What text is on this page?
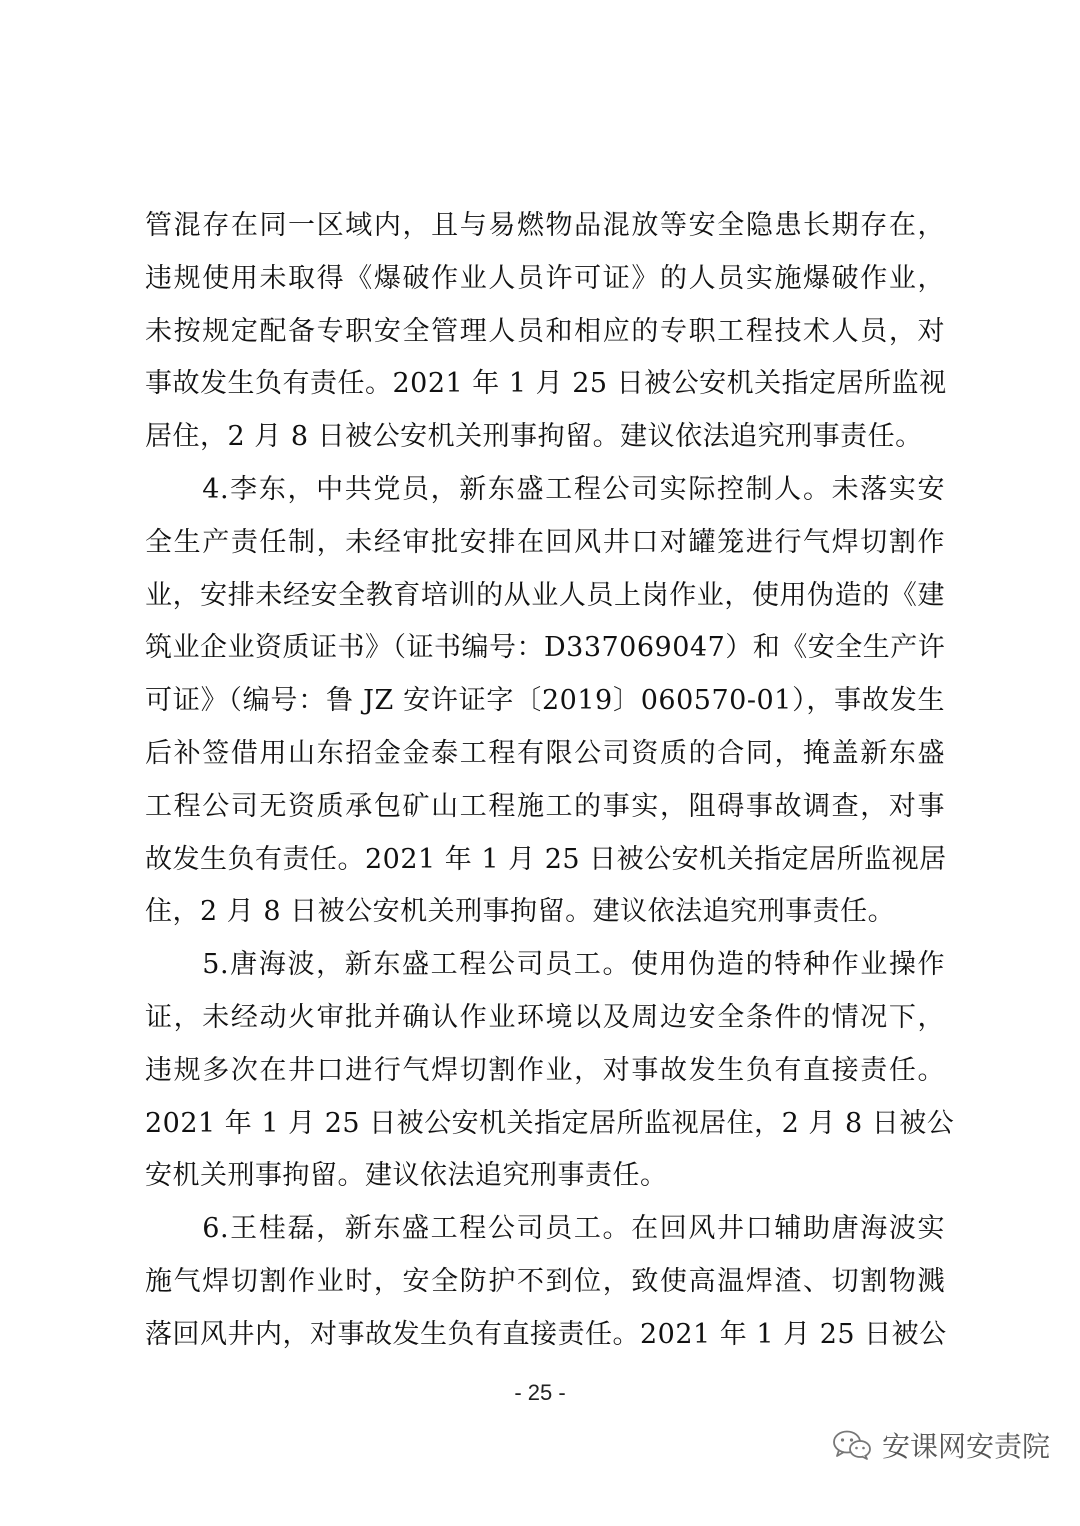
管混存在同一区域内，且与易燃物品混放等安全隐患长期存在，
违规使用未取得《爆破作业人员许可证》的人员实施爆破作业，
未按规定配备专职安全管理人员和相应的专职工程技术人员，对
事故发生负有责任。2021 年 1 月 25 日被公安机关指定居所监视
居住，2 月 8 日被公安机关刑事拘留。建议依法追究刑事责任。
　　4.李东，中共党员，新东盛工程公司实际控制人。未落实安
全生产责任制，未经审批安排在回风井口对罐笼进行气焊切割作
业，安排未经安全教育培训的从业人员上岗作业，使用伪造的《建
筑业企业资质证书》（证书编号：D337069047）和《安全生产许
可证》（编号：鲁 JZ 安许证字〔2019〕060570-01），事故发生
后补签借用山东招金金泰工程有限公司资质的合同，掩盖新东盛
工程公司无资质承包矿山工程施工的事实，阻碍事故调查，对事
故发生负有责任。2021 年 1 月 25 日被公安机关指定居所监视居
住，2 月 8 日被公安机关刑事拘留。建议依法追究刑事责任。
　　5.唐海波，新东盛工程公司员工。使用伪造的特种作业操作
证，未经动火审批并确认作业环境以及周边安全条件的情况下，
违规多次在井口进行气焊切割作业，对事故发生负有直接责任。
2021 年 1 月 25 日被公安机关指定居所监视居住，2 月 8 日被公
安机关刑事拘留。建议依法追究刑事责任。
　　6.王桂磊，新东盛工程公司员工。在回风井口辅助唐海波实
施气焊切割作业时，安全防护不到位，致使高温焊渣、切割物溅
落回风井内，对事故发生负有直接责任。2021 年 1 月 25 日被公
- 25 -
安课网安责院
